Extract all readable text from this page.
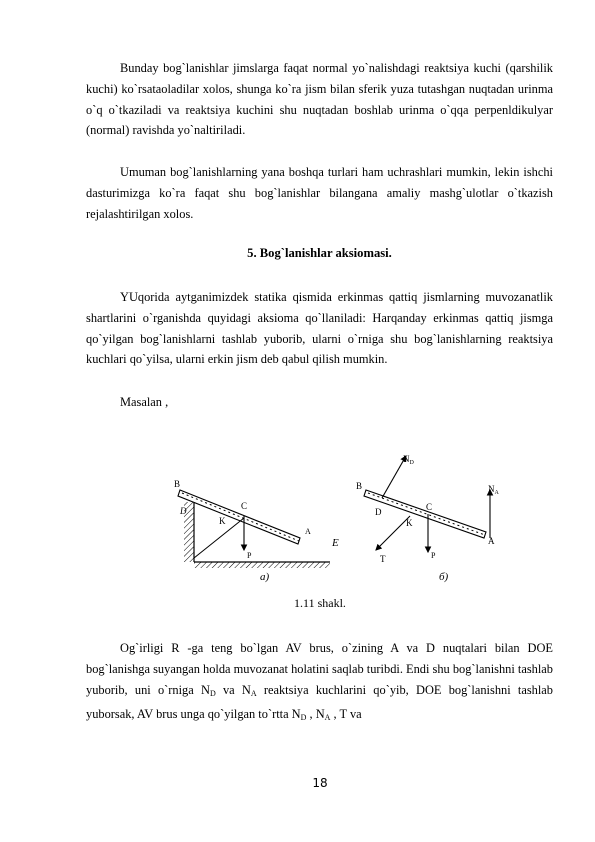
Bunday bog`lanishlar jimslarga faqat normal yo`nalishdagi reaktsiya kuchi (qarshilik kuchi) ko`rsataoladilar xolos, shunga ko`ra jism bilan sferik yuza tutashgan nuqtadan urinma o`q o`tkaziladi va reaktsiya kuchini shu nuqtadan boshlab urinma o`qqa perpenldikulyar (normal) ravishda yo`naltiriladi.

Umuman bog`lanishlarning yana boshqa turlari ham uchrashlari mumkin, lekin ishchi dasturimizga ko`ra faqat shu bog`lanishlar bilangana amaliy mashg`ulotlar o`tkazish rejalashtirilgan xolos.

5. Bog`lanishlar aksiomasi.

YUqorida aytganimizdek statika qismida erkinmas qattiq jismlarning muvozanatlik shartlarini o`rganishda quyidagi aksioma qo`llaniladi: Harqanday erkinmas qattiq jismga qo`yilgan bog`lanishlarni tashlab yuborib, ularni o`rniga shu bog`lanishlarning reaktsiya kuchlari qo`yilsa, ularni erkin jism deb qabul qilish mumkin.

Masalan ,

B
D	C
K
A
E
P
a)
$N_D$
$N_A$
B
C
D
K
A
T	P
б)

1.11 shakl.

Og`irligi R -ga teng bo`lgan AV brus, o`zining A va D nuqtalari bilan DOE bog`lanishga suyangan holda muvozanat holatini saqlab turibdi. Endi shu bog`lanishni tashlab yuborib, uni o`rniga $N_D$ va $N_A$ reaktsiya kuchlarini qo`yib, DOE bog`lanishni tashlab yuborsak, AV brus unga qo`yilgan to`rtta $N_D$ , $N_A$ , T va

18
